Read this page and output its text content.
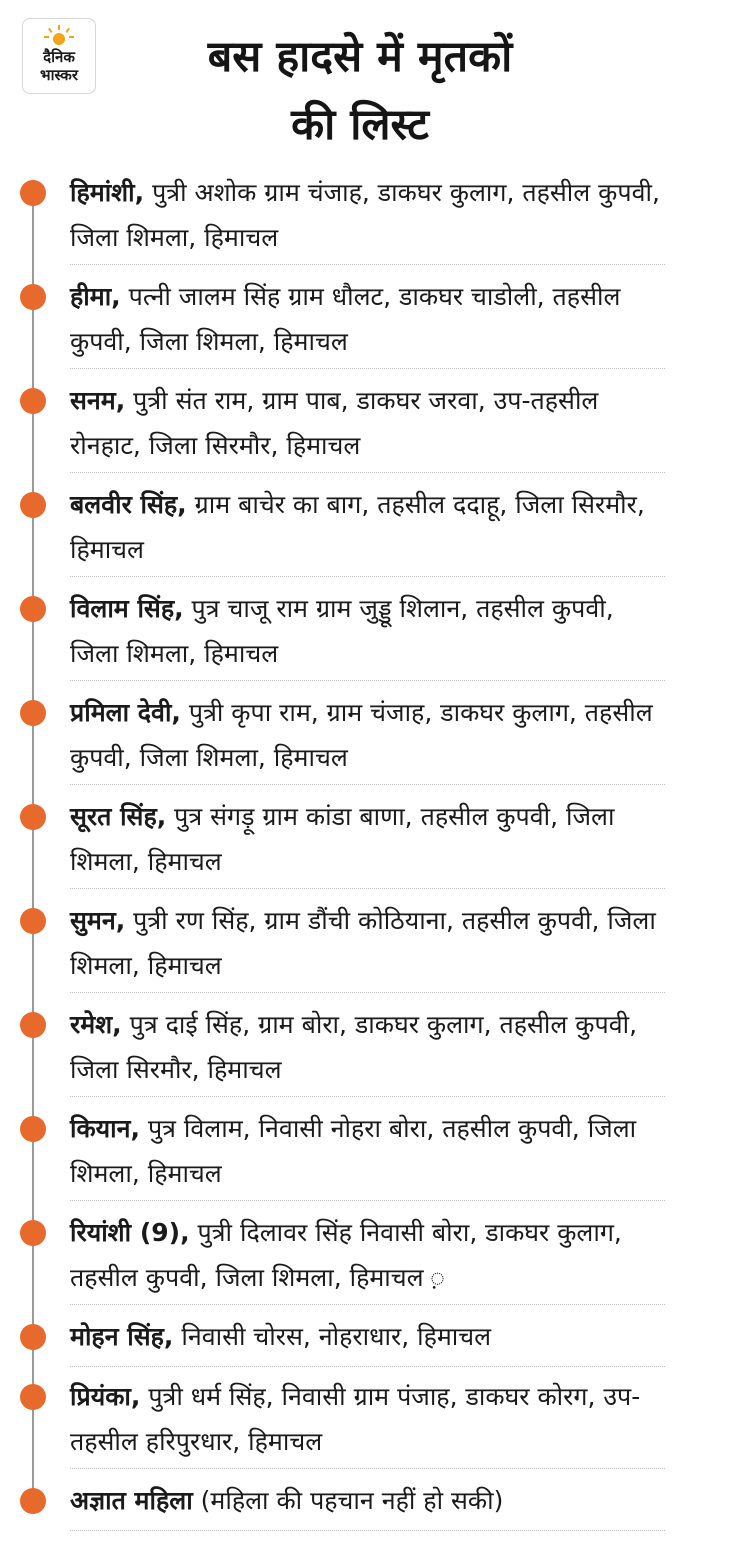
दैनिक
भास्कर	बस हादसे में मृतकों
की लिस्ट
हिमांशी, पुत्री अशोक ग्राम चंजाह, डाकघर कुलाग, तहसील कुपवी, जिला शिमला, हिमाचल
हीमा, पत्नी जालम सिंह ग्राम धौलट, डाकघर चाडोली, तहसील कुपवी, जिला शिमला, हिमाचल
सनम, पुत्री संत राम, ग्राम पाब, डाकघर जरवा, उप-तहसील रोनहाट, जिला सिरमौर, हिमाचल
बलवीर सिंह, ग्राम बाचेर का बाग, तहसील ददाहू, जिला सिरमौर, हिमाचल
विलाम सिंह, पुत्र चाजू राम ग्राम जुड्डू शिलान, तहसील कुपवी, जिला शिमला, हिमाचल
प्रमिला देवी, पुत्री कृपा राम, ग्राम चंजाह, डाकघर कुलाग, तहसील कुपवी, जिला शिमला, हिमाचल
सूरत सिंह, पुत्र संगड़ू ग्राम कांडा बाणा, तहसील कुपवी, जिला शिमला, हिमाचल
सुमन, पुत्री रण सिंह, ग्राम डौंची कोठियाना, तहसील कुपवी, जिला शिमला, हिमाचल
रमेश, पुत्र दाई सिंह, ग्राम बोरा, डाकघर कुलाग, तहसील कुपवी, जिला सिरमौर, हिमाचल
कियान, पुत्र विलाम, निवासी नोहरा बोरा, तहसील कुपवी, जिला शिमला, हिमाचल
रियांशी (9), पुत्री दिलावर सिंह निवासी बोरा, डाकघर कुलाग, तहसील कुपवी, जिला शिमला, हिमाचल ़
मोहन सिंह, निवासी चोरस, नोहराधार, हिमाचल
प्रियंका, पुत्री धर्म सिंह, निवासी ग्राम पंजाह, डाकघर कोरग, उप-तहसील हरिपुरधार, हिमाचल
अज्ञात महिला (महिला की पहचान नहीं हो सकी)
